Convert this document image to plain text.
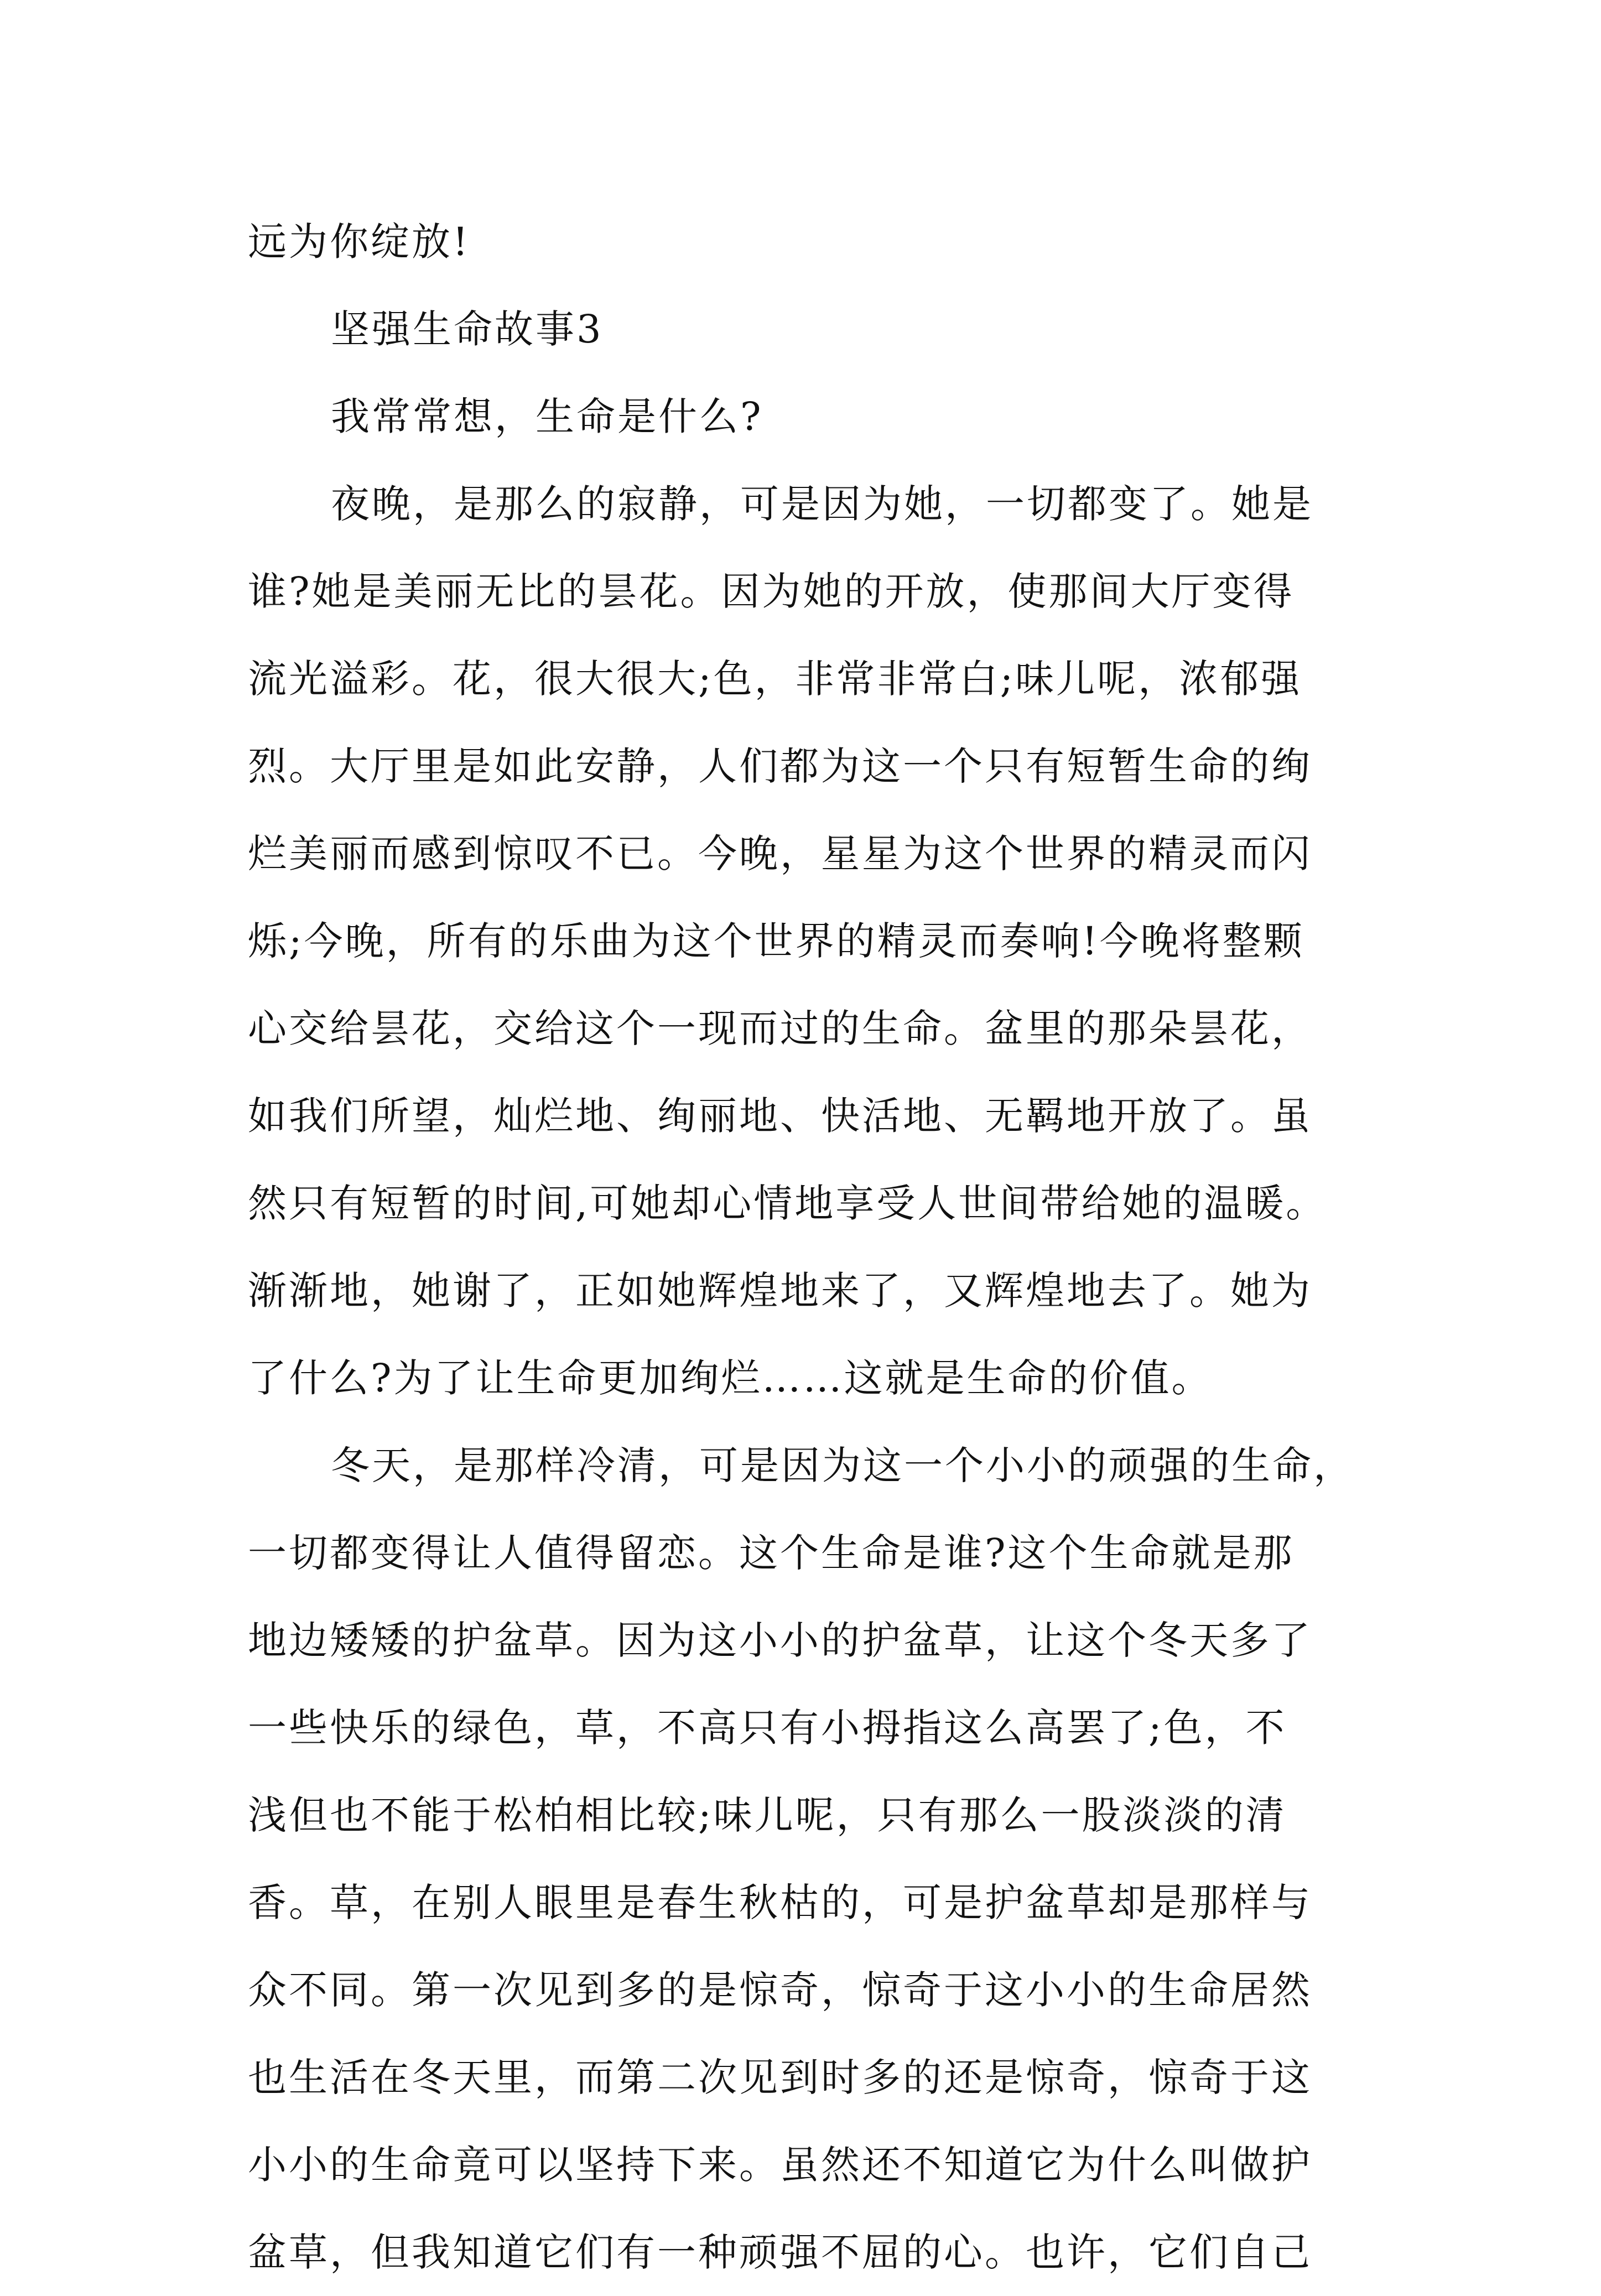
远为你绽放!
坚强生命故事3
我常常想，生命是什么?
夜晚，是那么的寂静，可是因为她，一切都变了。她是
谁?她是美丽无比的昙花。因为她的开放，使那间大厅变得
流光溢彩。花，很大很大;色，非常非常白;味儿呢，浓郁强
烈。大厅里是如此安静，人们都为这一个只有短暂生命的绚
烂美丽而感到惊叹不已。今晚，星星为这个世界的精灵而闪
烁;今晚，所有的乐曲为这个世界的精灵而奏响!今晚将整颗
心交给昙花，交给这个一现而过的生命。盆里的那朵昙花，
如我们所望，灿烂地、绚丽地、快活地、无羁地开放了。虽
然只有短暂的时间,可她却心情地享受人世间带给她的温暖。
渐渐地，她谢了，正如她辉煌地来了，又辉煌地去了。她为
了什么?为了让生命更加绚烂……这就是生命的价值。
冬天，是那样冷清，可是因为这一个小小的顽强的生命，
一切都变得让人值得留恋。这个生命是谁?这个生命就是那
地边矮矮的护盆草。因为这小小的护盆草，让这个冬天多了
一些快乐的绿色，草，不高只有小拇指这么高罢了;色，不
浅但也不能于松柏相比较;味儿呢，只有那么一股淡淡的清
香。草，在别人眼里是春生秋枯的，可是护盆草却是那样与
众不同。第一次见到多的是惊奇，惊奇于这小小的生命居然
也生活在冬天里，而第二次见到时多的还是惊奇，惊奇于这
小小的生命竟可以坚持下来。虽然还不知道它为什么叫做护
盆草，但我知道它们有一种顽强不屈的心。也许，它们自己
